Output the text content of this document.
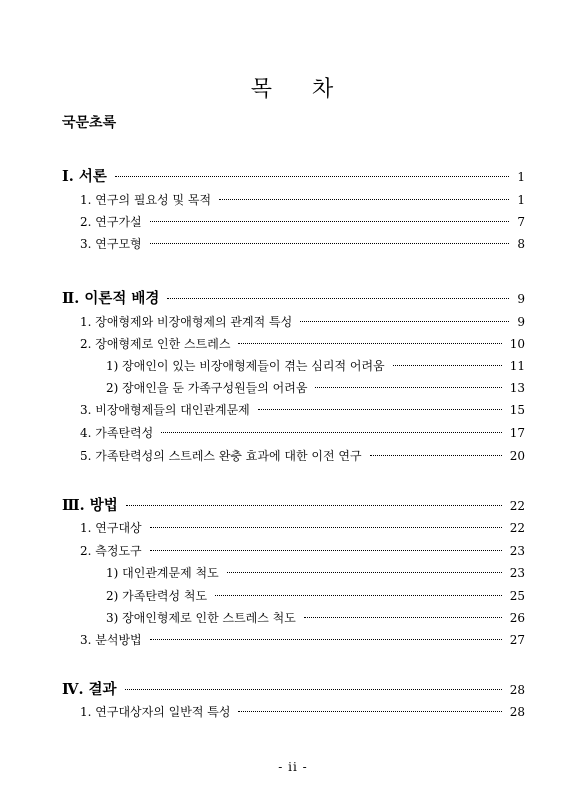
목 차
국문초록
Ⅰ. 서론	1
1. 연구의 필요성 및 목적	1
2. 연구가설	7
3. 연구모형	8
Ⅱ. 이론적 배경	9
1. 장애형제와 비장애형제의 관계적 특성	9
2. 장애형제로 인한 스트레스	10
1) 장애인이 있는 비장애형제들이 겪는 심리적 어려움	11
2) 장애인을 둔 가족구성원들의 어려움	13
3. 비장애형제들의 대인관계문제	15
4. 가족탄력성	17
5. 가족탄력성의 스트레스 완충 효과에 대한 이전 연구	20
Ⅲ. 방법	22
1. 연구대상	22
2. 측정도구	23
1) 대인관계문제 척도	23
2) 가족탄력성 척도	25
3) 장애인형제로 인한 스트레스 척도	26
3. 분석방법	27
Ⅳ. 결과	28
1. 연구대상자의 일반적 특성	28
- ii -
